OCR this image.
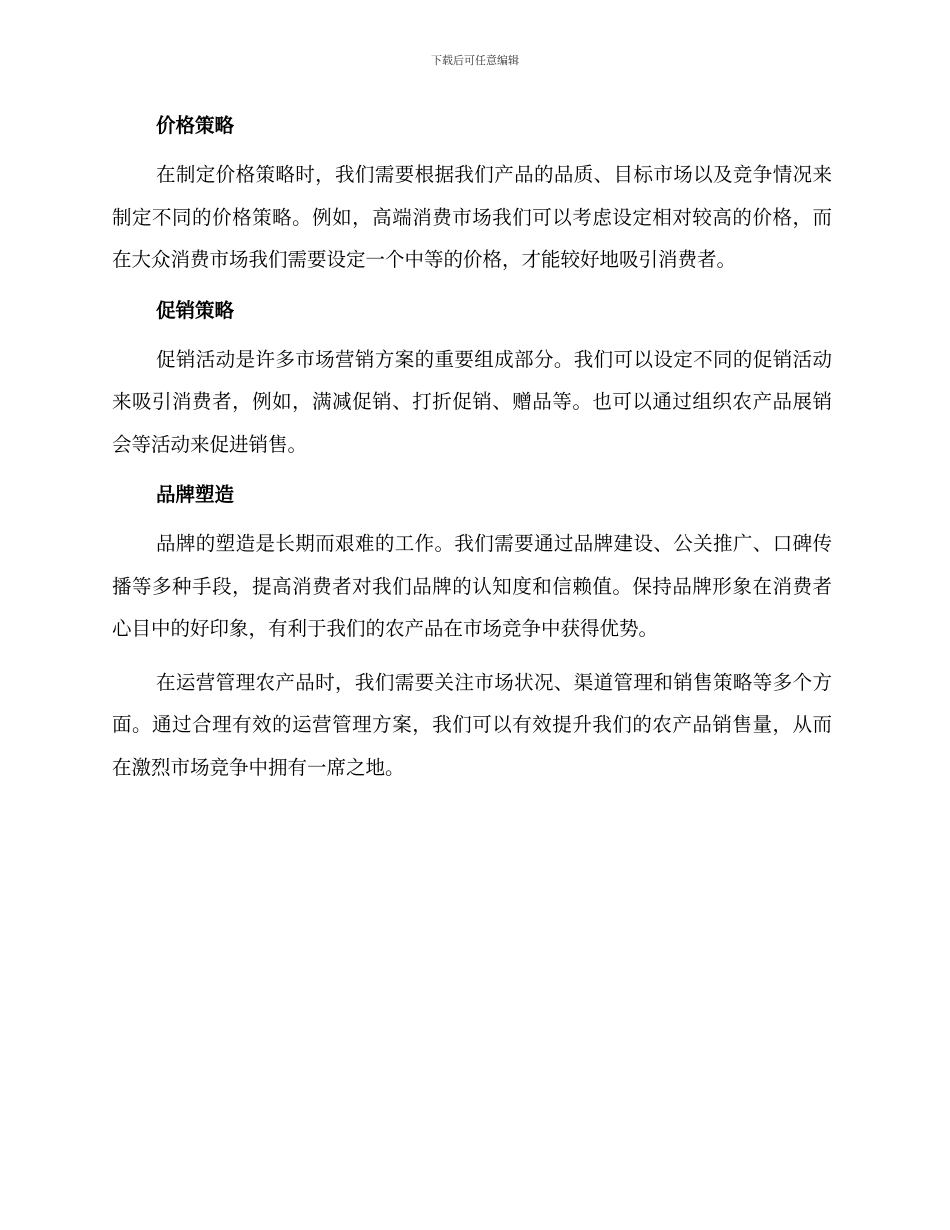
下载后可任意编辑
价格策略

在制定价格策略时，我们需要根据我们产品的品质、目标市场以及竞争情况来制定不同的价格策略。例如，高端消费市场我们可以考虑设定相对较高的价格，而在大众消费市场我们需要设定一个中等的价格，才能较好地吸引消费者。

促销策略

促销活动是许多市场营销方案的重要组成部分。我们可以设定不同的促销活动来吸引消费者，例如，满减促销、打折促销、赠品等。也可以通过组织农产品展销会等活动来促进销售。

品牌塑造

品牌的塑造是长期而艰难的工作。我们需要通过品牌建设、公关推广、口碑传播等多种手段，提高消费者对我们品牌的认知度和信赖值。保持品牌形象在消费者心目中的好印象，有利于我们的农产品在市场竞争中获得优势。

在运营管理农产品时，我们需要关注市场状况、渠道管理和销售策略等多个方面。通过合理有效的运营管理方案，我们可以有效提升我们的农产品销售量，从而在激烈市场竞争中拥有一席之地。
